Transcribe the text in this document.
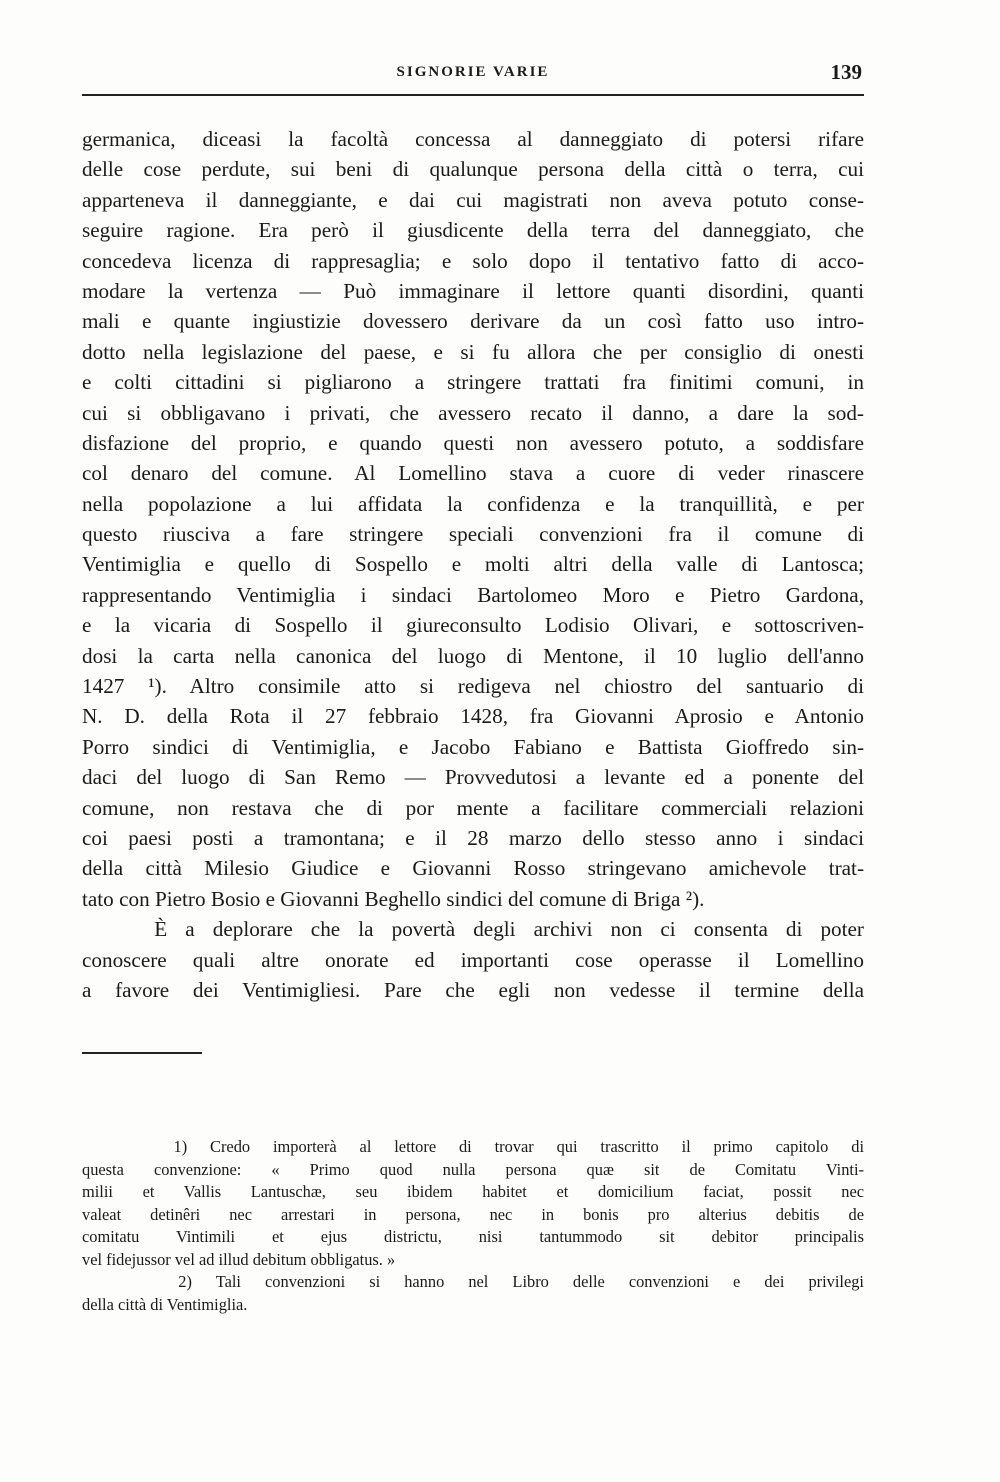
SIGNORIE VARIE	139
germanica, diceasi la facoltà concessa al danneggiato di potersi rifare
delle cose perdute, sui beni di qualunque persona della città o terra, cui
apparteneva il danneggiante, e dai cui magistrati non aveva potuto conse-
seguire ragione. Era però il giusdicente della terra del danneggiato, che
concedeva licenza di rappresaglia; e solo dopo il tentativo fatto di acco-
modare la vertenza — Può immaginare il lettore quanti disordini, quanti
mali e quante ingiustizie dovessero derivare da un così fatto uso intro-
dotto nella legislazione del paese, e si fu allora che per consiglio di onesti
e colti cittadini si pigliarono a stringere trattati fra finitimi comuni, in
cui si obbligavano i privati, che avessero recato il danno, a dare la sod-
disfazione del proprio, e quando questi non avessero potuto, a soddisfare
col denaro del comune. Al Lomellino stava a cuore di veder rinascere
nella popolazione a lui affidata la confidenza e la tranquillità, e per
questo riusciva a fare stringere speciali convenzioni fra il comune di
Ventimiglia e quello di Sospello e molti altri della valle di Lantosca;
rappresentando Ventimiglia i sindaci Bartolomeo Moro e Pietro Gardona,
e la vicaria di Sospello il giureconsulto Lodisio Olivari, e sottoscriven-
dosi la carta nella canonica del luogo di Mentone, il 10 luglio dell'anno
1427 ¹). Altro consimile atto si redigeva nel chiostro del santuario di
N. D. della Rota il 27 febbraio 1428, fra Giovanni Aprosio e Antonio
Porro sindici di Ventimiglia, e Jacobo Fabiano e Battista Gioffredo sin-
daci del luogo di San Remo — Provvedutosi a levante ed a ponente del
comune, non restava che di por mente a facilitare commerciali relazioni
coi paesi posti a tramontana; e il 28 marzo dello stesso anno i sindaci
della città Milesio Giudice e Giovanni Rosso stringevano amichevole trat-
tato con Pietro Bosio e Giovanni Beghello sindici del comune di Briga ²).
È a deplorare che la povertà degli archivi non ci consenta di poter
conoscere quali altre onorate ed importanti cose operasse il Lomellino
a favore dei Ventimigliesi. Pare che egli non vedesse il termine della
1) Credo importerà al lettore di trovar qui trascritto il primo capitolo di
questa convenzione: « Primo quod nulla persona quæ sit de Comitatu Vinti-
milii et Vallis Lantuschæ, seu ibidem habitet et domicilium faciat, possit nec
valeat detinêri nec arrestari in persona, nec in bonis pro alterius debitis de
comitatu Vintimili et ejus districtu, nisi tantummodo sit debitor principalis
vel fidejussor vel ad illud debitum obbligatus. »
2) Tali convenzioni si hanno nel Libro delle convenzioni e dei privilegi
della città di Ventimiglia.
